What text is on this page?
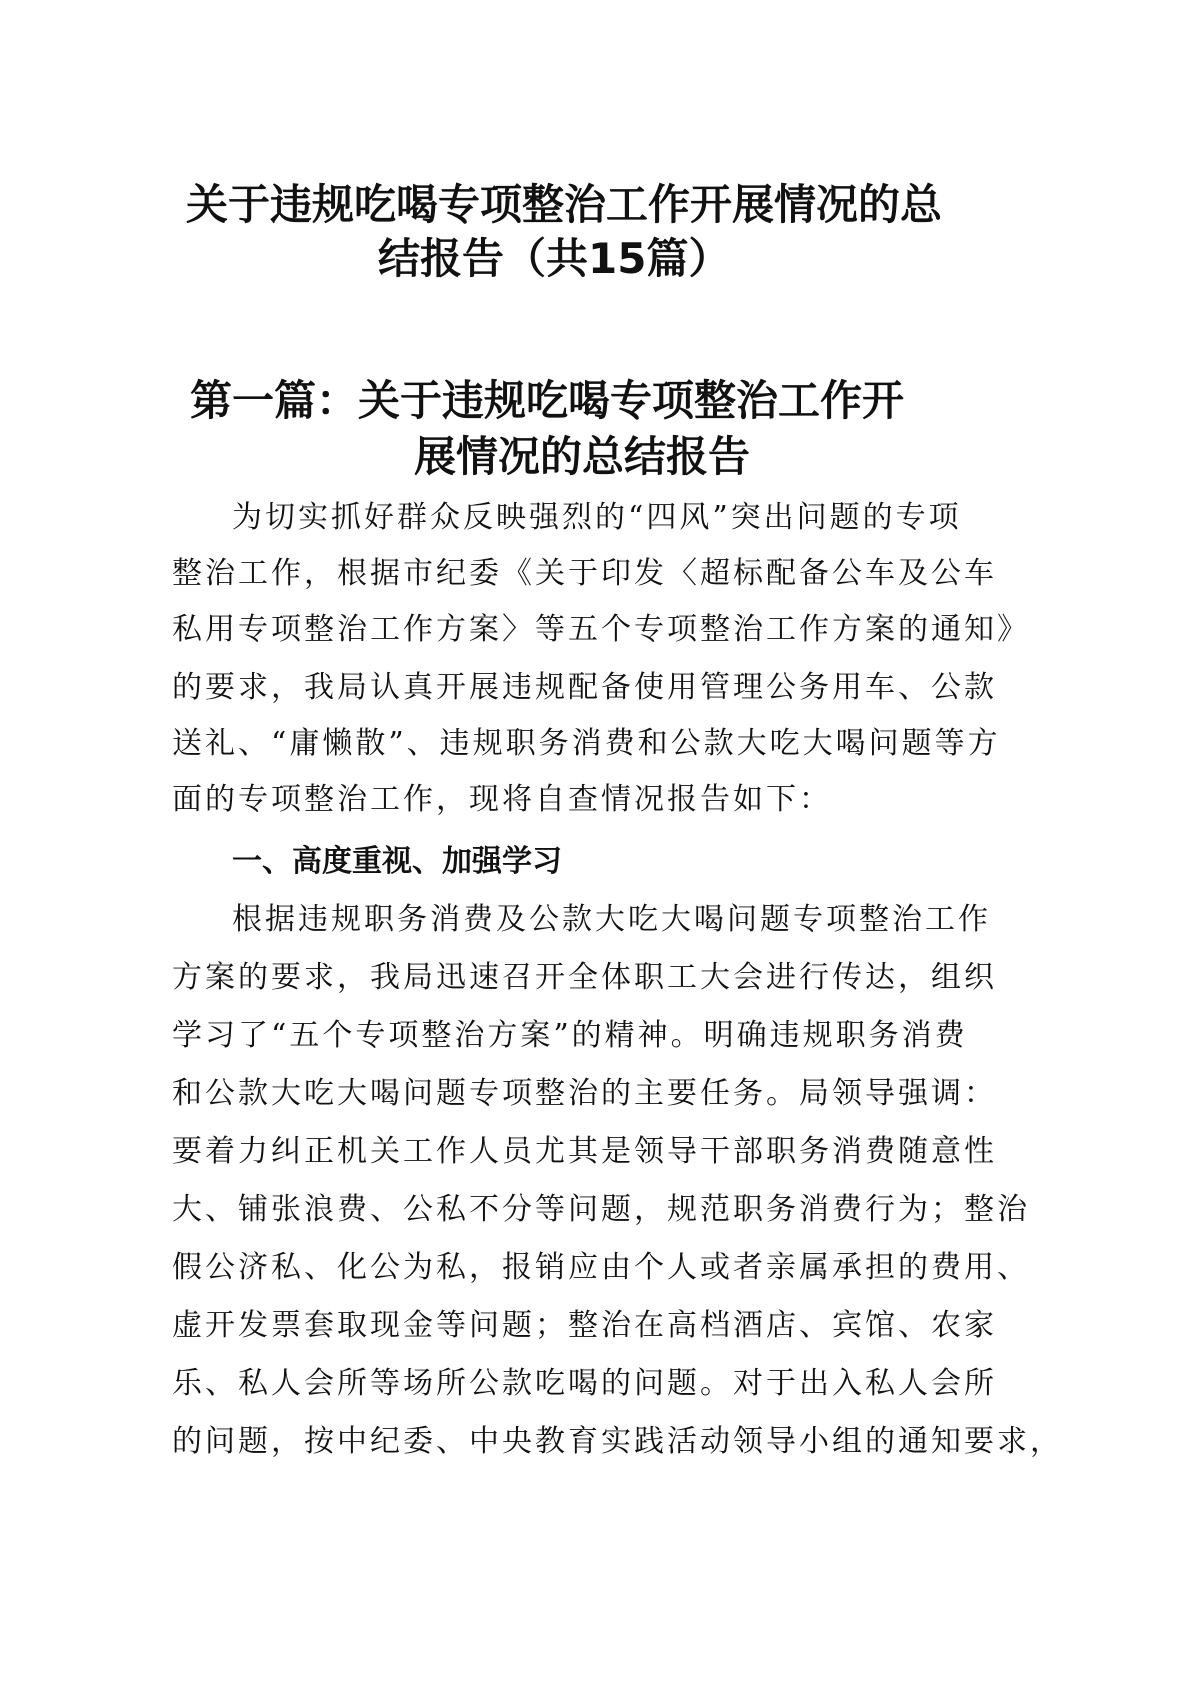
关于违规吃喝专项整治工作开展情况的总
结报告（共15篇）
第一篇：关于违规吃喝专项整治工作开
展情况的总结报告
为切实抓好群众反映强烈的“四风”突出问题的专项
整治工作，根据市纪委《关于印发〈超标配备公车及公车
私用专项整治工作方案〉等五个专项整治工作方案的通知》
的要求，我局认真开展违规配备使用管理公务用车、公款
送礼、“庸懒散”、违规职务消费和公款大吃大喝问题等方
面的专项整治工作，现将自查情况报告如下：
一、高度重视、加强学习
根据违规职务消费及公款大吃大喝问题专项整治工作
方案的要求，我局迅速召开全体职工大会进行传达，组织
学习了“五个专项整治方案”的精神。明确违规职务消费
和公款大吃大喝问题专项整治的主要任务。局领导强调：
要着力纠正机关工作人员尤其是领导干部职务消费随意性
大、铺张浪费、公私不分等问题，规范职务消费行为；整治
假公济私、化公为私，报销应由个人或者亲属承担的费用、
虚开发票套取现金等问题；整治在高档酒店、宾馆、农家
乐、私人会所等场所公款吃喝的问题。对于出入私人会所
的问题，按中纪委、中央教育实践活动领导小组的通知要求，
